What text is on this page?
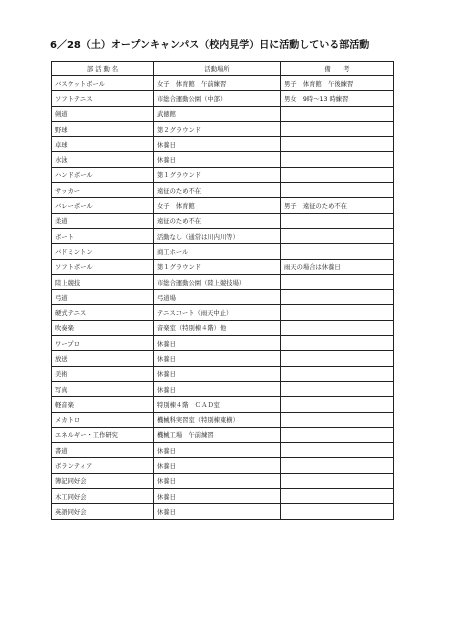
6／28（土）オープンキャンパス（校内見学）日に活動している部活動
部 活 動 名	活動場所	備　　考
バスケットボール	女子　体育館　午前練習	男子　体育館　午後練習
ソフトテニス	市総合運動公園（中部）	男女　9時～13 時練習
剣道	武徳館	
野球	第２グラウンド	
卓球	休養日	
水泳	休養日	
ハンドボール	第１グラウンド	
サッカー	遠征のため不在	
バレーボール	女子　体育館	男子　遠征のため不在
柔道	遠征のため不在	
ボート	活動なし（通常は川内川等）	
バドミントン	商工ホール	
ソフトボール	第１グラウンド	雨天の場合は休養日
陸上競技	市総合運動公園（陸上競技場）	
弓道	弓道場	
硬式テニス	テニスコート（雨天中止）	
吹奏楽	音楽室（特別棟４階）他	
ワープロ	休養日	
放送	休養日	
美術	休養日	
写真	休養日	
軽音楽	特別棟４階　ＣＡＤ室	
メカトロ	機械科実習室（特別棟東横）	
エネルギー・工作研究	機械工場　午前練習	
書道	休養日	
ボランティア	休養日	
簿記同好会	休養日	
木工同好会	休養日	
英語同好会	休養日	
